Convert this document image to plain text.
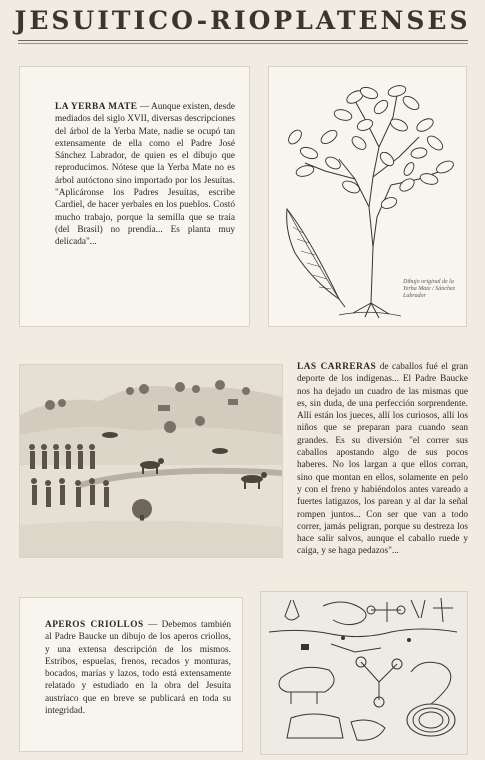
JESUITICO-RIOPLATENSES
LA YERBA MATE — Aunque existen, desde mediados del siglo XVII, diversas descripciones del árbol de la Yerba Mate, nadie se ocupó tan extensamente de ella como el Padre José Sánchez Labrador, de quien es el dibujo que reproducimos. Nótese que la Yerba Mate no es árbol autóctono sino importado por los Jesuítas. "Aplicáronse los Padres Jesuítas, escribe Cardiel, de hacer yerbales en los pueblos. Costó mucho trabajo, porque la semilla que se traía (del Brasil) no prendía... Es planta muy delicada"...
Dibujo original de la Yerba Mate / Sánchez Labrador
LAS CARRERAS de caballos fué el gran deporte de los indígenas... El Padre Baucke nos ha dejado un cuadro de las mismas que es, sin duda, de una perfección sorprendente. Allí están los jueces, allí los curiosos, allí los niños que se preparan para cuando sean grandes. Es su diversión "el correr sus caballos apostando algo de sus pocos haberes. No los largan a que ellos corran, sino que montan en ellos, solamente en pelo y con el freno y habiéndolos antes vareado a fuertes latigazos, los parean y al dar la señal rompen juntos... Con ser que van a todo correr, jamás peligran, porque su destreza los hace salir salvos, aunque el caballo ruede y caiga, y se haga pedazos"...
APEROS CRIOLLOS — Debemos también al Padre Baucke un dibujo de los aperos criollos, y una extensa descripción de los mismos. Estribos, espuelas, frenos, recados y monturas, bocados, marías y lazos, todo está extensamente relatado y estudiado en la obra del Jesuíta austríaco que en breve se publicará en toda su integridad.
